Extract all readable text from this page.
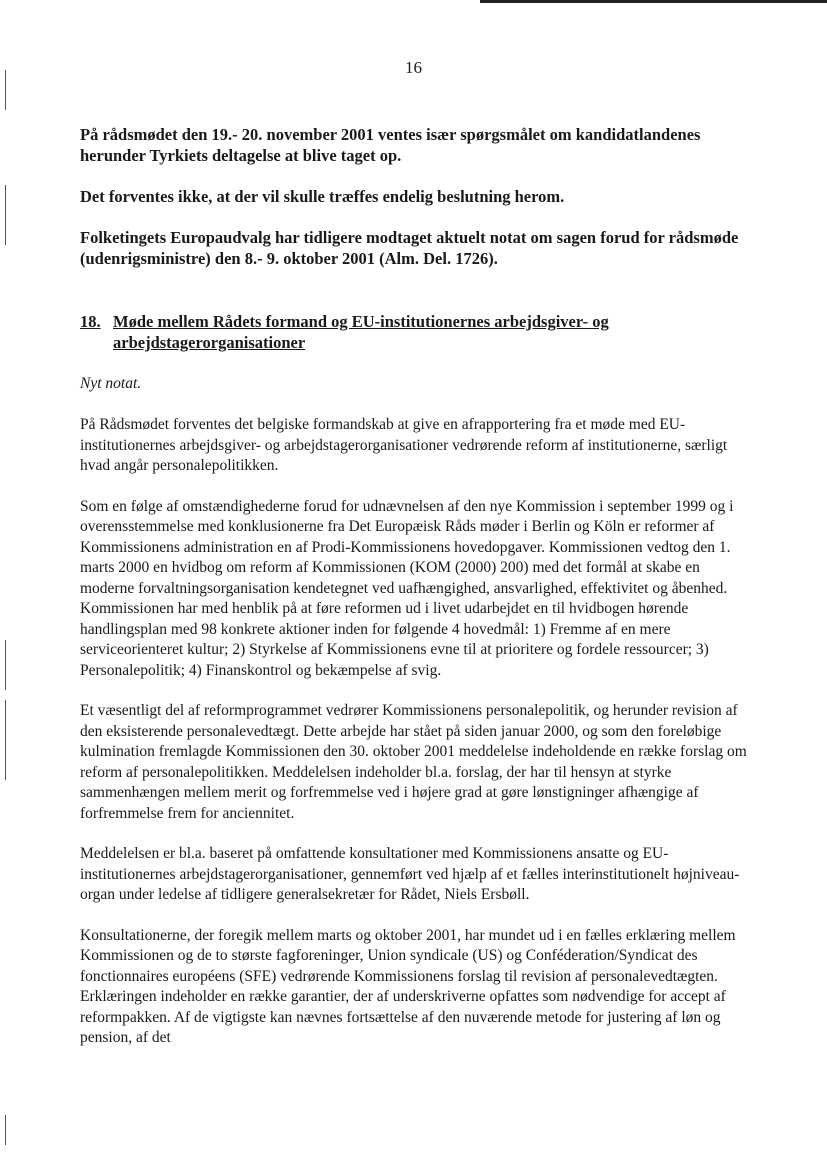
16

På rådsmødet den 19.- 20. november 2001 ventes især spørgsmålet om kandidatlandenes herunder Tyrkiets deltagelse at blive taget op.

Det forventes ikke, at der vil skulle træffes endelig beslutning herom.

Folketingets Europaudvalg har tidligere modtaget aktuelt notat om sagen forud for rådsmøde (udenrigsministre) den 8.- 9. oktober 2001 (Alm. Del. 1726).

18. Møde mellem Rådets formand og EU-institutionernes arbejdsgiver- og arbejdstagerorganisationer

Nyt notat.

På Rådsmødet forventes det belgiske formandskab at give en afrapportering fra et møde med EU-institutionernes arbejdsgiver- og arbejdstagerorganisationer vedrørende reform af institutionerne, særligt hvad angår personalepolitikken.

Som en følge af omstændighederne forud for udnævnelsen af den nye Kommission i september 1999 og i overensstemmelse med konklusionerne fra Det Europæisk Råds møder i Berlin og Köln er reformer af Kommissionens administration en af Prodi-Kommissionens hovedopgaver. Kommissionen vedtog den 1. marts 2000 en hvidbog om reform af Kommissionen (KOM (2000) 200) med det formål at skabe en moderne forvaltningsorganisation kendetegnet ved uafhængighed, ansvarlighed, effektivitet og åbenhed. Kommissionen har med henblik på at føre reformen ud i livet udarbejdet en til hvidbogen hørende handlingsplan med 98 konkrete aktioner inden for følgende 4 hovedmål: 1) Fremme af en mere serviceorienteret kultur; 2) Styrkelse af Kommissionens evne til at prioritere og fordele ressourcer; 3) Personalepolitik; 4) Finanskontrol og bekæmpelse af svig.

Et væsentligt del af reformprogrammet vedrører Kommissionens personalepolitik, og herunder revision af den eksisterende personalevedtægt. Dette arbejde har stået på siden januar 2000, og som den foreløbige kulmination fremlagde Kommissionen den 30. oktober 2001 meddelelse indeholdende en række forslag om reform af personalepolitikken. Meddelelsen indeholder bl.a. forslag, der har til hensyn at styrke sammenhængen mellem merit og forfremmelse ved i højere grad at gøre lønstigninger afhængige af forfremmelse frem for anciennitet.

Meddelelsen er bl.a. baseret på omfattende konsultationer med Kommissionens ansatte og EU-institutionernes arbejdstagerorganisationer, gennemført ved hjælp af et fælles interinstitutionelt højniveau-organ under ledelse af tidligere generalsekretær for Rådet, Niels Ersbøll.

Konsultationerne, der foregik mellem marts og oktober 2001, har mundet ud i en fælles erklæring mellem Kommissionen og de to største fagforeninger, Union syndicale (US) og Conféderation/Syndicat des fonctionnaires européens (SFE) vedrørende Kommissionens forslag til revision af personalevedtægten. Erklæringen indeholder en række garantier, der af underskriverne opfattes som nødvendige for accept af reformpakken. Af de vigtigste kan nævnes fortsættelse af den nuværende metode for justering af løn og pension, af det
